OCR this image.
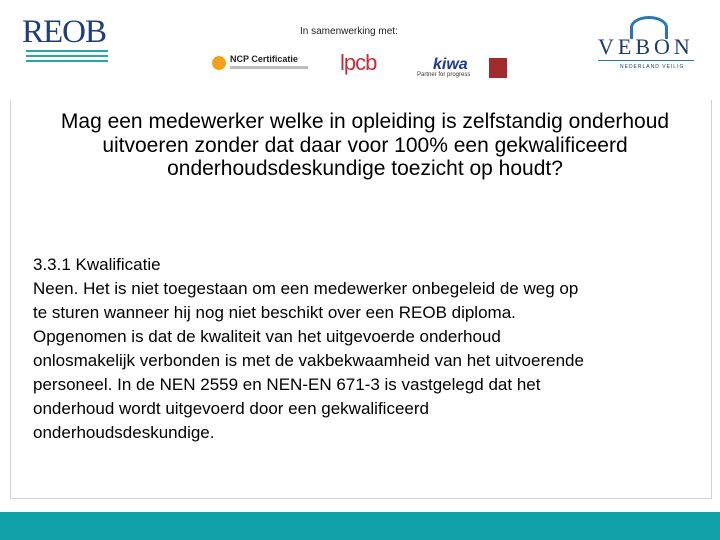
REOB	In samenwerking met:
NCP Certificatie lpcb	kiwa
Partner for progress
VEBON
NEDERLAND VEILIG
Mag een medewerker welke in opleiding is zelfstandig onderhoud uitvoeren zonder dat daar voor 100% een gekwalificeerd onderhoudsdeskundige toezicht op houdt?

3.3.1 Kwalificatie

Neen. Het is niet toegestaan om een medewerker onbegeleid de weg op te sturen wanneer hij nog niet beschikt over een REOB diploma. Opgenomen is dat de kwaliteit van het uitgevoerde onderhoud onlosmakelijk verbonden is met de vakbekwaamheid van het uitvoerende personeel. In de NEN 2559 en NEN-EN 671-3 is vastgelegd dat het onderhoud wordt uitgevoerd door een gekwalificeerd onderhoudsdeskundige.
